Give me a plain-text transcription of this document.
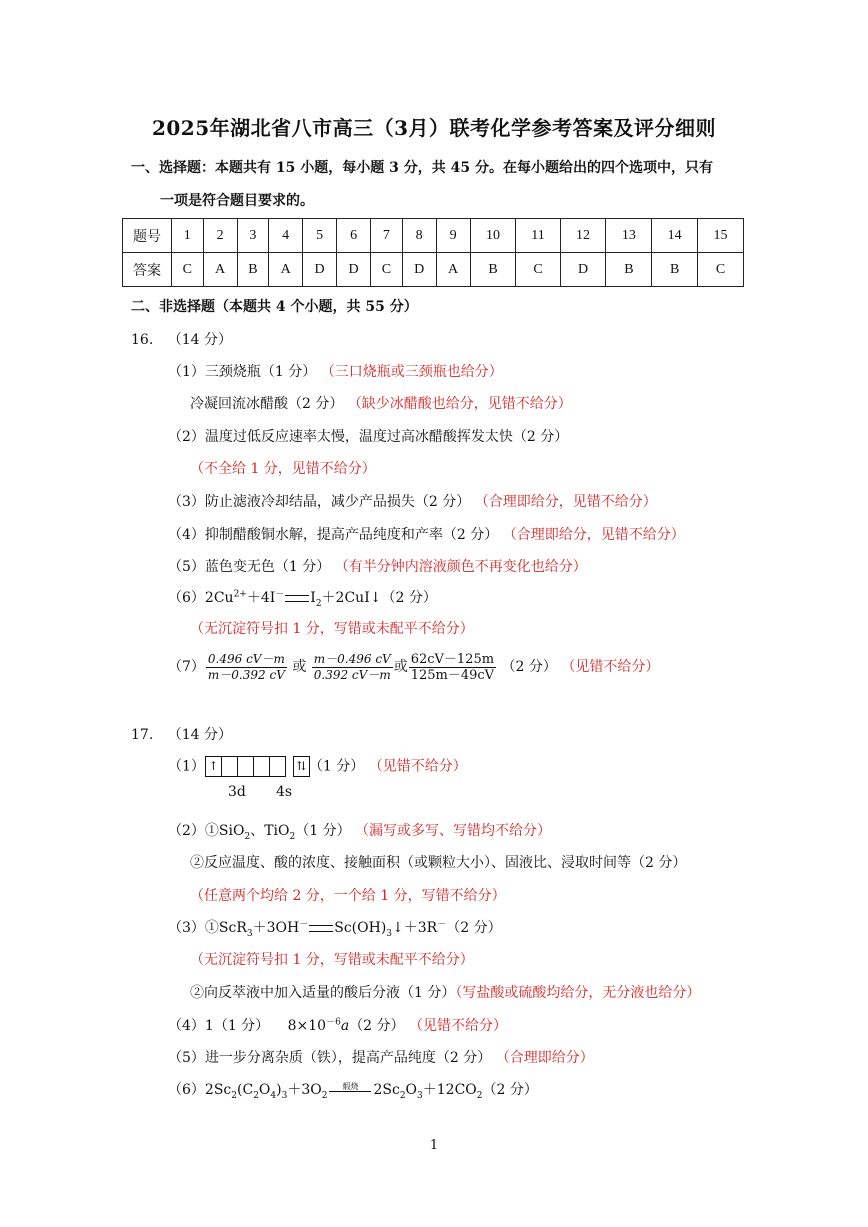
2025年湖北省八市高三（3月）联考化学参考答案及评分细则
一、选择题：本题共有 15 小题，每小题 3 分，共 45 分。在每小题给出的四个选项中，只有
一项是符合题目要求的。
题号	1	2	3	4	5	6	7	8	9	10	11	12	13	14	15
答案	C	A	B	A	D	D	C	D	A	B	C	D	B	B	C
二、非选择题（本题共 4 个小题，共 55 分）
16. （14 分）
（1）三颈烧瓶（1 分） （三口烧瓶或三颈瓶也给分）
冷凝回流冰醋酸（2 分） （缺少冰醋酸也给分，见错不给分）
（2）温度过低反应速率太慢，温度过高冰醋酸挥发太快（2 分）
（不全给 1 分，见错不给分）
（3）防止滤液冷却结晶，减少产品损失（2 分） （合理即给分，见错不给分）
（4）抑制醋酸铜水解，提高产品纯度和产率（2 分） （合理即给分，见错不给分）
（5）蓝色变无色（1 分） （有半分钟内溶液颜色不再变化也给分）
$(6)2Cu^{2+}+4I^-$ $I_2+2CuI↓(2$ 分）
（无沉淀符号扣 1 分，写错或未配平不给分）
$(7) \frac{0.496 cV-m}{m-0.392 cV}$ 或 $\frac{m-0.496 cV}{0.392 cV-m}$ 或 $\frac{62cV-125m}{125m-49cV} (2$ 分） （见错不给分）
17. （14 分）
（1） ↑	⇅ （1 分） （见错不给分）
3d 4s
（2）①SiO$_2$、TiO$_2$（1 分） （漏写或多写、写错均不给分）
②反应温度、酸的浓度、接触面积（或颗粒大小）、固液比、浸取时间等（2 分）
（任意两个均给 2 分，一个给 1 分，写错不给分）
（3）①ScR$_3$＋3OH－ $Sc(OH)_3↓+3R^-(2$ 分）
（无沉淀符号扣 1 分，写错或未配平不给分）
②向反萃液中加入适量的酸后分液（1 分）（写盐酸或硫酸均给分，无分液也给分）
（4）1（1 分） $8\times 10^{-6}a(2$ 分） （见错不给分）
（5）进一步分离杂质（铁），提高产品纯度（2 分） （合理即给分）
$(6)2Sc_2(C_2O_4)_3+3O_2$
煅烧	$2Sc_2O_3+12CO_2(2$ 分）
1
